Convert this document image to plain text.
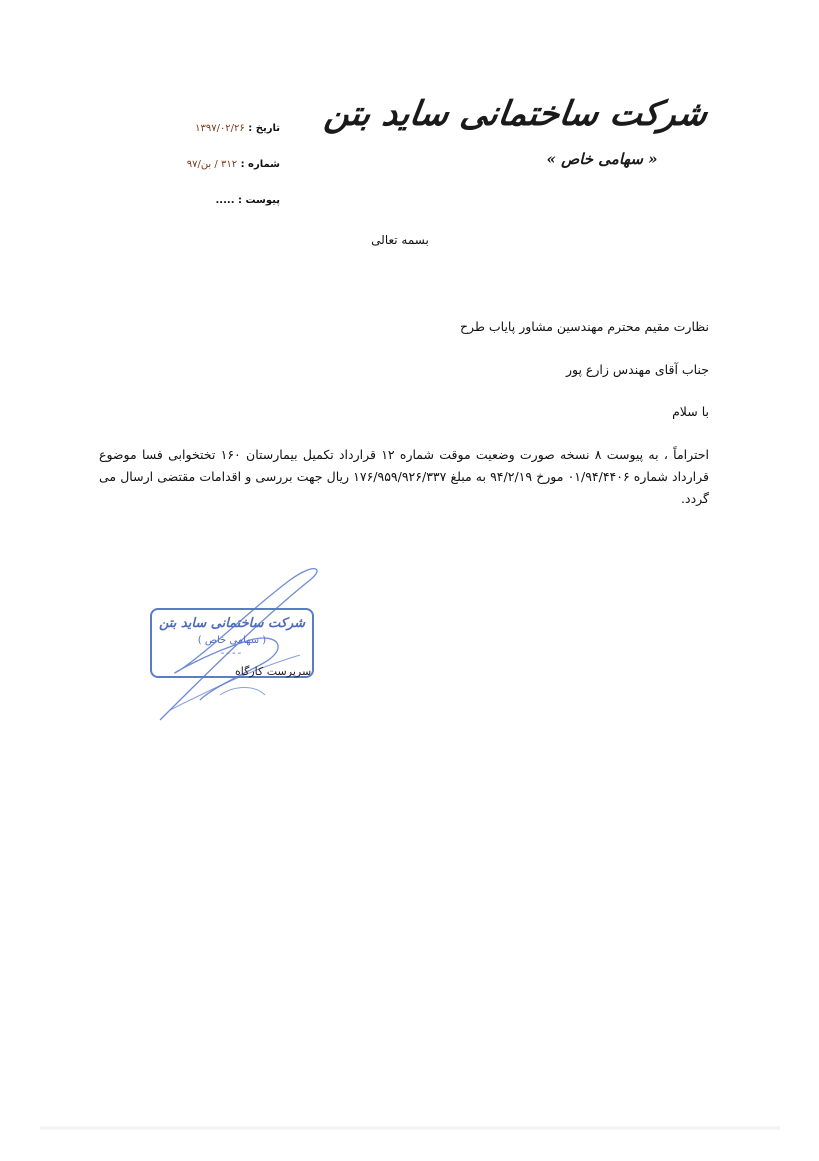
شرکت ساختمانی ساید بتن
« سهامی خاص »
تاریخ : ۱۳۹۷/۰۲/۲۶
شماره : ۳۱۲ / بن/۹۷
پیوست : .....
بسمه تعالی
نظارت مقیم محترم مهندسین مشاور پایاب طرح
جناب آقای مهندس زارع پور
با سلام
احتراماً ، به پیوست ۸ نسخه صورت وضعیت موقت شماره ۱۲ قرارداد تکمیل بیمارستان ۱۶۰ تختخوابی فسا موضوع قرارداد شماره ۰۱/۹۴/۴۴۰۶ مورخ ۹۴/۲/۱۹ به مبلغ ۱۷۶/۹۵۹/۹۲۶/۳۳۷ ریال جهت بررسی و اقدامات مقتضی ارسال می گردد.
شرکت ساختمانی ساید بتن
( سهامی خاص )
----
سرپرست کارگاه
